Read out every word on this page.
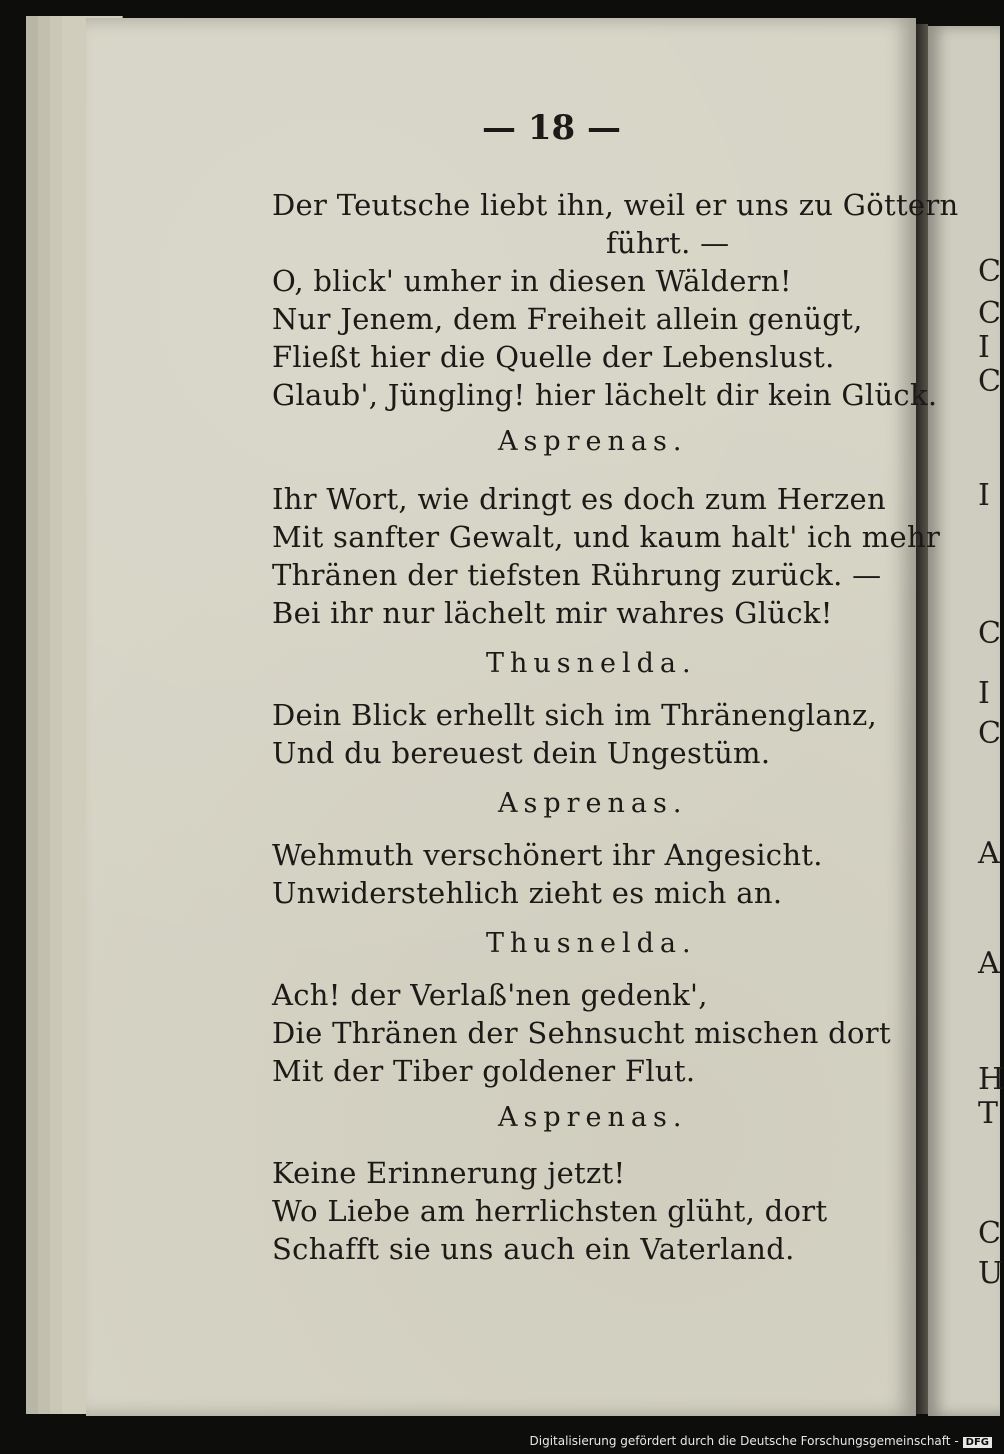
C
C
I
C
I
C
I
C
A
A
H
T
C
U
— 18 —
Der Teutsche liebt ihn, weil er uns zu Göttern
führt. —
O, blick' umher in diesen Wäldern!
Nur Jenem, dem Freiheit allein genügt,
Fließt hier die Quelle der Lebenslust.
Glaub', Jüngling! hier lächelt dir kein Glück.
Asprenas.
Ihr Wort, wie dringt es doch zum Herzen
Mit sanfter Gewalt, und kaum halt' ich mehr
Thränen der tiefsten Rührung zurück. —
Bei ihr nur lächelt mir wahres Glück!
Thusnelda.
Dein Blick erhellt sich im Thränenglanz,
Und du bereuest dein Ungestüm.
Asprenas.
Wehmuth verschönert ihr Angesicht.
Unwiderstehlich zieht es mich an.
Thusnelda.
Ach! der Verlaß'nen gedenk',
Die Thränen der Sehnsucht mischen dort
Mit der Tiber goldener Flut.
Asprenas.
Keine Erinnerung jetzt!
Wo Liebe am herrlichsten glüht, dort
Schafft sie uns auch ein Vaterland.
Digitalisierung gefördert durch die Deutsche Forschungsgemeinschaft - DFG
